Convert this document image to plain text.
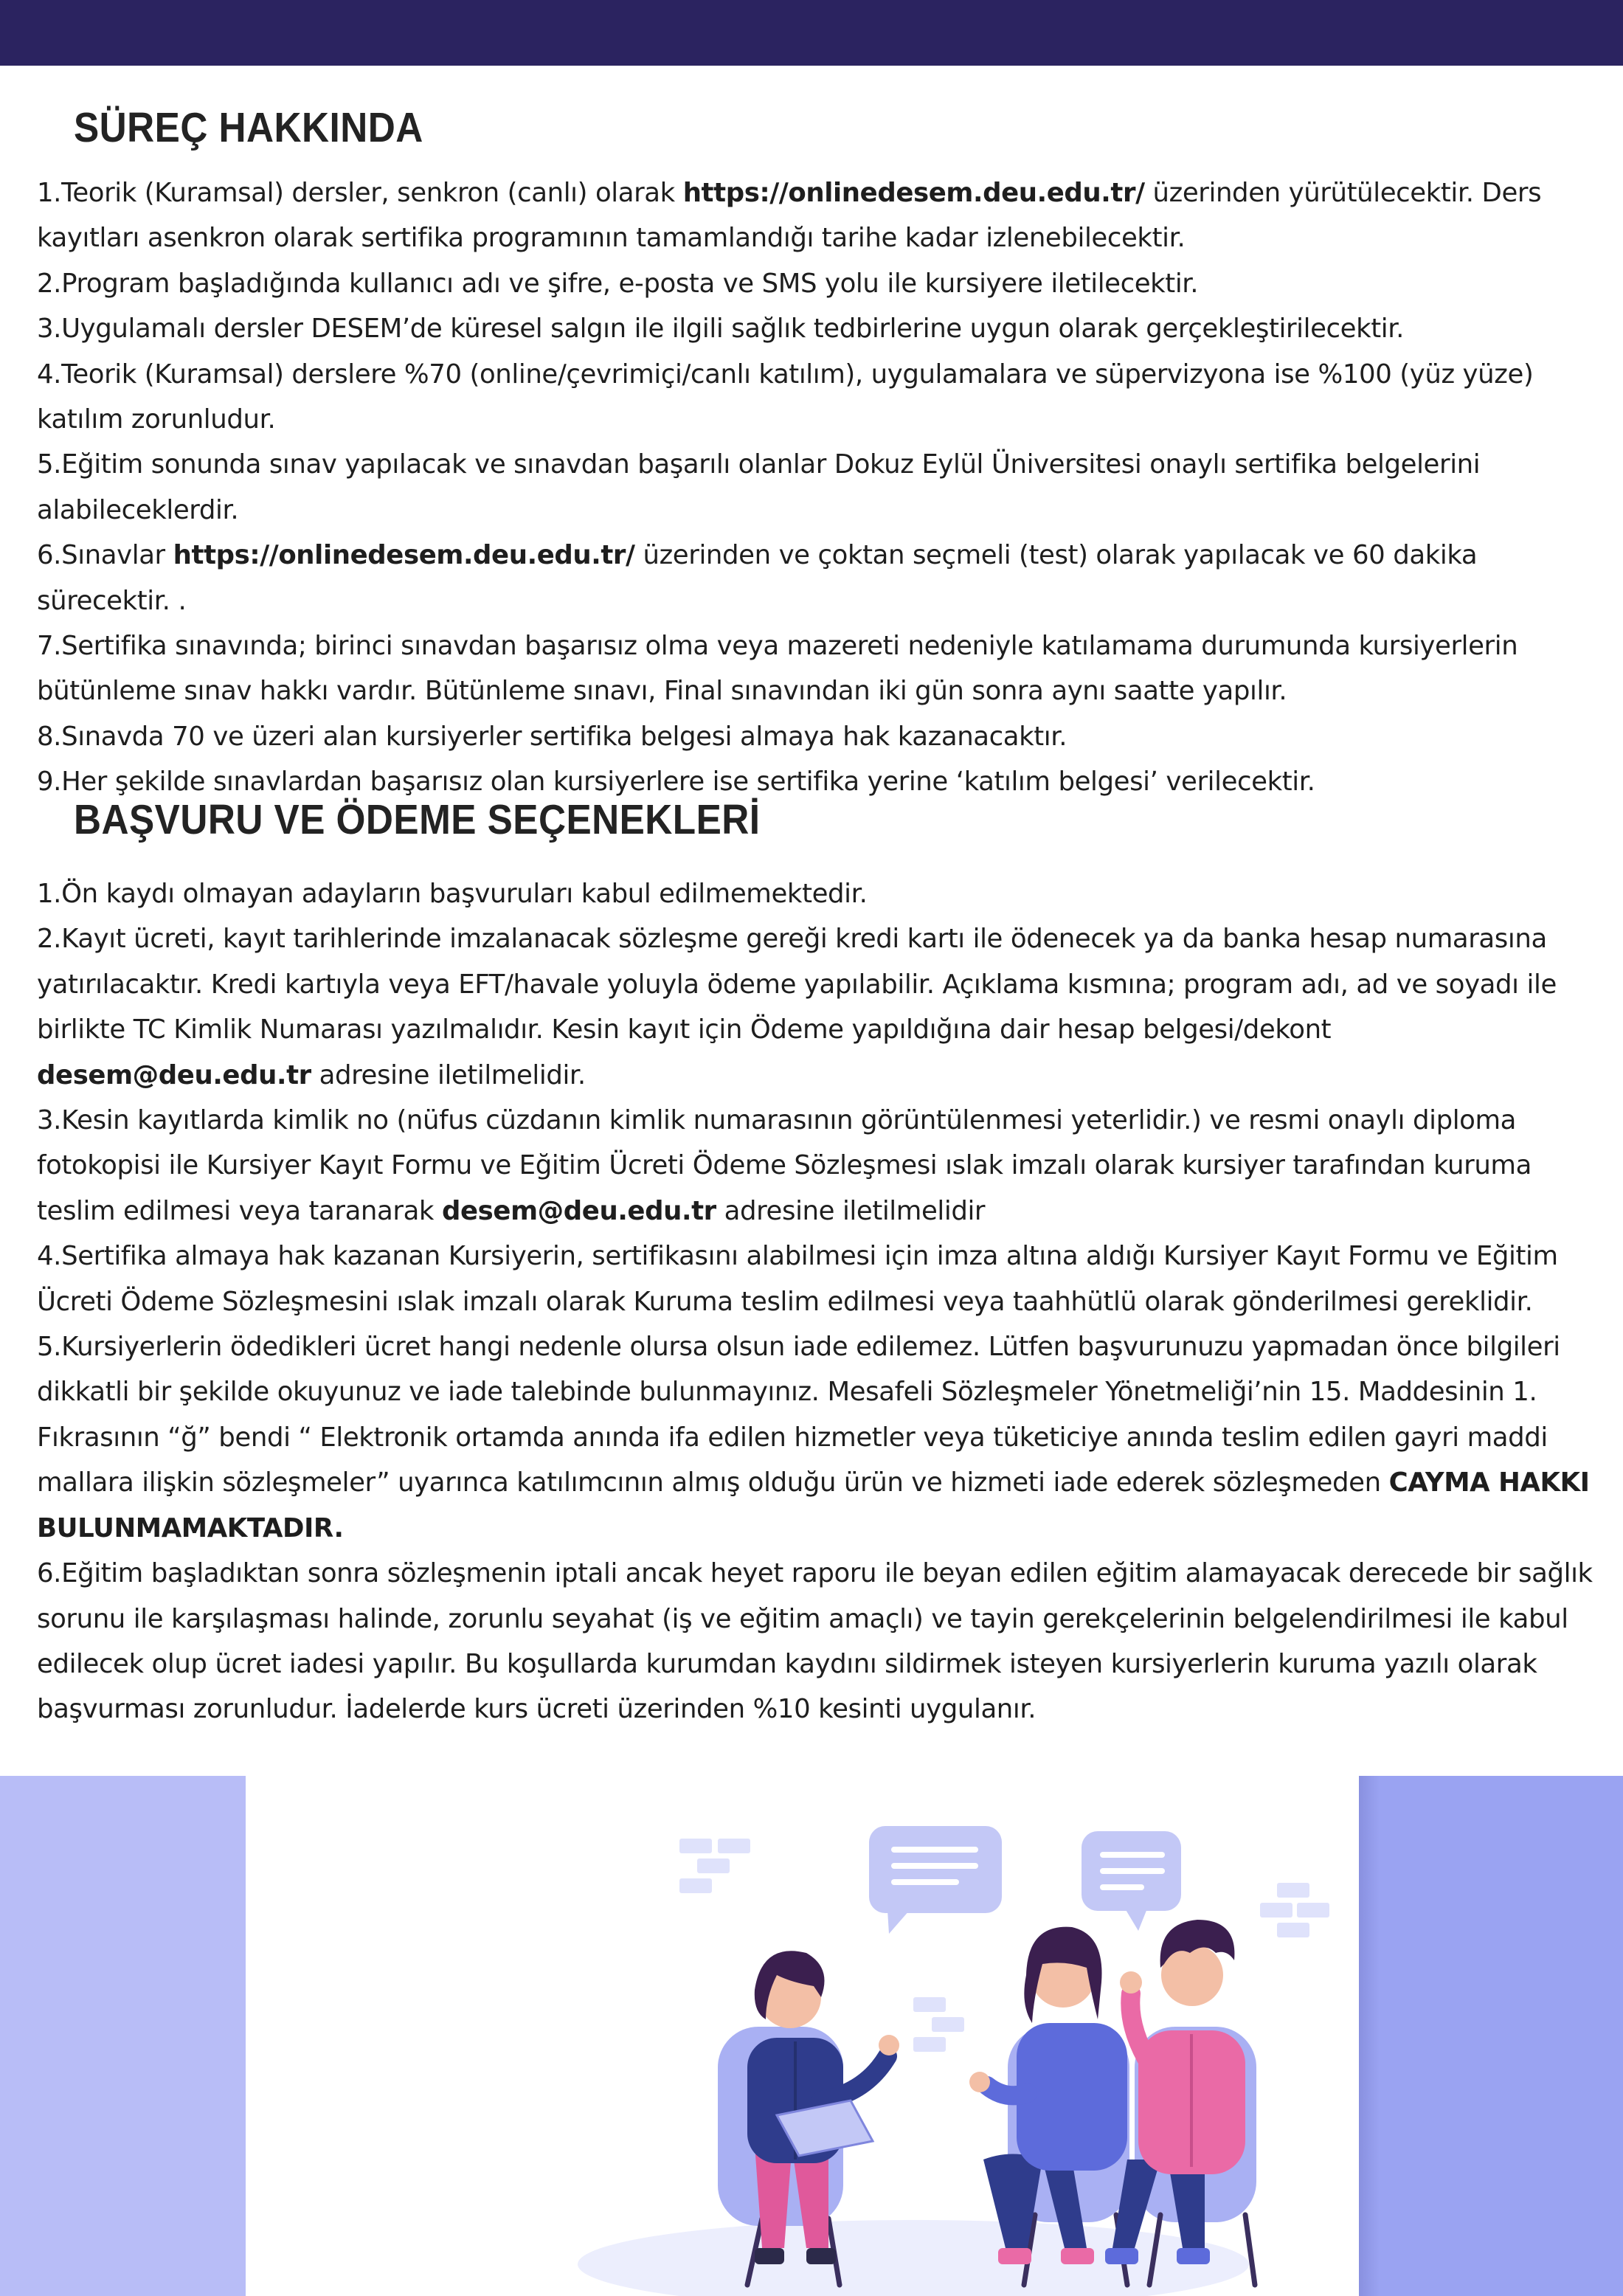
SÜREÇ HAKKINDA

1.Teorik (Kuramsal) dersler, senkron (canlı) olarak https://onlinedesem.deu.edu.tr/ üzerinden yürütülecektir. Ders kayıtları asenkron olarak sertifika programının tamamlandığı tarihe kadar izlenebilecektir.

2.Program başladığında kullanıcı adı ve şifre, e-posta ve SMS yolu ile kursiyere iletilecektir.

3.Uygulamalı dersler DESEM’de küresel salgın ile ilgili sağlık tedbirlerine uygun olarak gerçekleştirilecektir.

4.Teorik (Kuramsal) derslere %70 (online/çevrimiçi/canlı katılım), uygulamalara ve süpervizyona ise %100 (yüz yüze) katılım zorunludur.

5.Eğitim sonunda sınav yapılacak ve sınavdan başarılı olanlar Dokuz Eylül Üniversitesi onaylı sertifika belgelerini alabileceklerdir.

6.Sınavlar https://onlinedesem.deu.edu.tr/ üzerinden ve çoktan seçmeli (test) olarak yapılacak ve 60 dakika sürecektir. .

7.Sertifika sınavında; birinci sınavdan başarısız olma veya mazereti nedeniyle katılamama durumunda kursiyerlerin bütünleme sınav hakkı vardır. Bütünleme sınavı, Final sınavından iki gün sonra aynı saatte yapılır.

8.Sınavda 70 ve üzeri alan kursiyerler sertifika belgesi almaya hak kazanacaktır.

9.Her şekilde sınavlardan başarısız olan kursiyerlere ise sertifika yerine ‘katılım belgesi’ verilecektir.

BAŞVURU VE ÖDEME SEÇENEKLERİ

1.Ön kaydı olmayan adayların başvuruları kabul edilmemektedir.

2.Kayıt ücreti, kayıt tarihlerinde imzalanacak sözleşme gereği kredi kartı ile ödenecek ya da banka hesap numarasına yatırılacaktır. Kredi kartıyla veya EFT/havale yoluyla ödeme yapılabilir. Açıklama kısmına; program adı, ad ve soyadı ile birlikte TC Kimlik Numarası yazılmalıdır. Kesin kayıt için Ödeme yapıldığına dair hesap belgesi/dekont desem@deu.edu.tr adresine iletilmelidir.

3.Kesin kayıtlarda kimlik no (nüfus cüzdanın kimlik numarasının görüntülenmesi yeterlidir.) ve resmi onaylı diploma fotokopisi ile Kursiyer Kayıt Formu ve Eğitim Ücreti Ödeme Sözleşmesi ıslak imzalı olarak kursiyer tarafından kuruma teslim edilmesi veya taranarak desem@deu.edu.tr adresine iletilmelidir

4.Sertifika almaya hak kazanan Kursiyerin, sertifikasını alabilmesi için imza altına aldığı Kursiyer Kayıt Formu ve Eğitim Ücreti Ödeme Sözleşmesini ıslak imzalı olarak Kuruma teslim edilmesi veya taahhütlü olarak gönderilmesi gereklidir.

5.Kursiyerlerin ödedikleri ücret hangi nedenle olursa olsun iade edilemez. Lütfen başvurunuzu yapmadan önce bilgileri dikkatli bir şekilde okuyunuz ve iade talebinde bulunmayınız. Mesafeli Sözleşmeler Yönetmeliği’nin 15. Maddesinin 1. Fıkrasının “ğ” bendi “ Elektronik ortamda anında ifa edilen hizmetler veya tüketiciye anında teslim edilen gayri maddi mallara ilişkin sözleşmeler” uyarınca katılımcının almış olduğu ürün ve hizmeti iade ederek sözleşmeden CAYMA HAKKI BULUNMAMAKTADIR.

6.Eğitim başladıktan sonra sözleşmenin iptali ancak heyet raporu ile beyan edilen eğitim alamayacak derecede bir sağlık sorunu ile karşılaşması halinde, zorunlu seyahat (iş ve eğitim amaçlı) ve tayin gerekçelerinin belgelendirilmesi ile kabul edilecek olup ücret iadesi yapılır. Bu koşullarda kurumdan kaydını sildirmek isteyen kursiyerlerin kuruma yazılı olarak başvurması zorunludur. İadelerde kurs ücreti üzerinden %10 kesinti uygulanır.
